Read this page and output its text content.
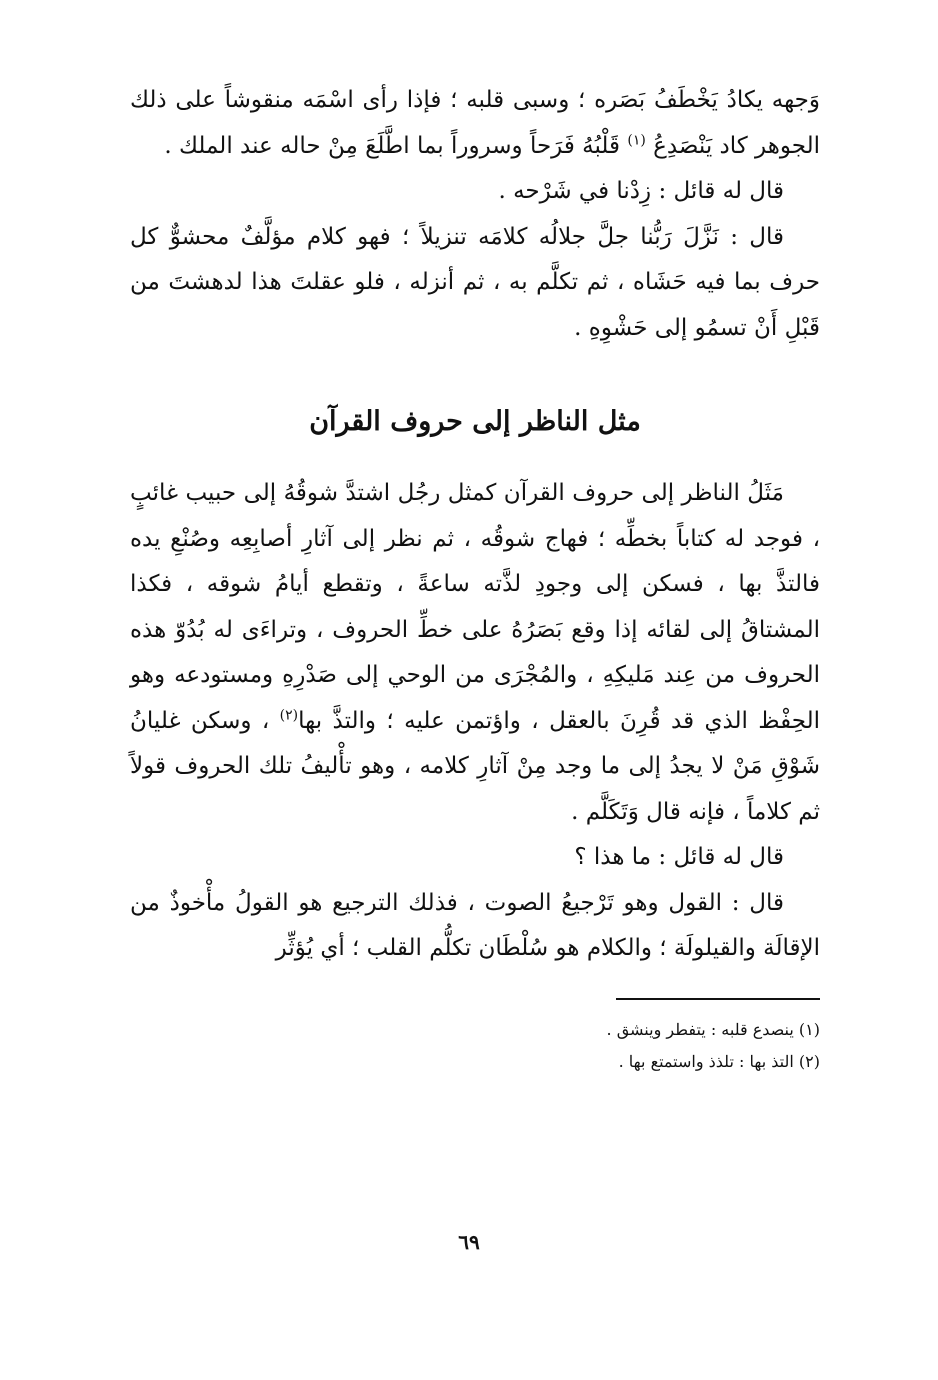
وَجهه يكادُ يَخْطَفُ بَصَره ؛ وسبى قلبه ؛ فإذا رأى اسْمَه منقوشاً على ذلك الجوهر كاد يَنْصَدِعُ $^{(١)}$ قَلْبُهُ فَرَحاً وسروراً بما اطَّلَعَ مِنْ حاله عند الملك .

قال له قائل : زِدْنا في شَرْحه .

قال : نَزَّلَ رَبُّنا جلَّ جلالُه كلامَه تنزيلاً ؛ فهو كلام مؤلَّفٌ محشوٌّ كل حرف بما فيه حَشَاه ، ثم تكلَّم به ، ثم أنزله ، فلو عقلتَ هذا لدهشتَ من قَبْلِ أَنْ تسمُو إلى حَشْوِهِ .

مثل الناظر إلى حروف القرآن

مَثَلُ الناظر إلى حروف القرآن كمثل رجُل اشتدَّ شوقُهُ إلى حبيب غائبٍ ، فوجد له كتاباً بخطِّه ؛ فهاج شوقُه ، ثم نظر إلى آثارِ أصابِعِه وصُنْعِ يده فالتذَّ بها ، فسكن إلى وجودِ لذَّته ساعةً ، وتقطع أيامُ شوقه ، فكذا المشتاقُ إلى لقائه إذا وقع بَصَرُهُ على خطِّ الحروف ، وتراءَى له بُدُوّ هذه الحروف من عِند مَليكِهِ ، والمُجْرَى من الوحي إلى صَدْرِهِ ومستودعه وهو الحِفْظ الذي قد قُرِنَ بالعقل ، واؤتمن عليه ؛ والتذَّ بها$^{(٢)}$ ، وسكن غليانُ شَوْقِ مَنْ لا يجدُ إلى ما وجد مِنْ آثارِ كلامه ، وهو تأْليفُ تلك الحروف قولاً ثم كلاماً ، فإنه قال وَتَكَلَّم .

قال له قائل : ما هذا ؟

قال : القول وهو تَرْجيعُ الصوت ، فذلك الترجيع هو القولُ مأْخوذٌ من الإقالَة والقيلولَة ؛ والكلام هو سُلْطَان تكلُّم القلب ؛ أي يُؤثِّر

(١) ينصدع قلبه : يتفطر وينشق .

(٢) التذ بها : تلذذ واستمتع بها .

٦٩
